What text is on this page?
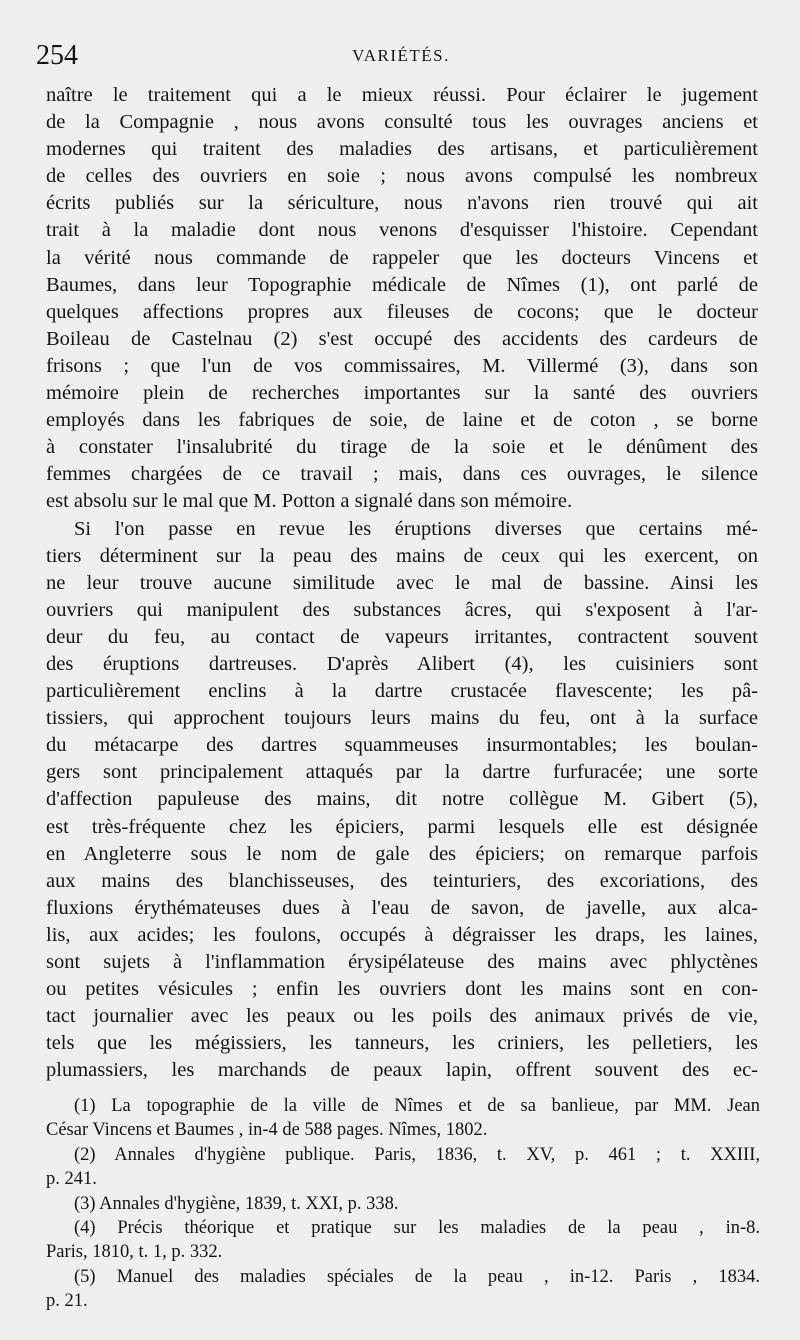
254	VARIÉTÉS.
naître le traitement qui a le mieux réussi. Pour éclairer le jugement
de la Compagnie , nous avons consulté tous les ouvrages anciens et
modernes qui traitent des maladies des artisans, et particulièrement
de celles des ouvriers en soie ; nous avons compulsé les nombreux
écrits publiés sur la sériculture, nous n'avons rien trouvé qui ait
trait à la maladie dont nous venons d'esquisser l'histoire. Cependant
la vérité nous commande de rappeler que les docteurs Vincens et
Baumes, dans leur Topographie médicale de Nîmes (1), ont parlé de
quelques affections propres aux fileuses de cocons; que le docteur
Boileau de Castelnau (2) s'est occupé des accidents des cardeurs de
frisons ; que l'un de vos commissaires, M. Villermé (3), dans son
mémoire plein de recherches importantes sur la santé des ouvriers
employés dans les fabriques de soie, de laine et de coton , se borne
à constater l'insalubrité du tirage de la soie et le dénûment des
femmes chargées de ce travail ; mais, dans ces ouvrages, le silence
est absolu sur le mal que M. Potton a signalé dans son mémoire.
Si l'on passe en revue les éruptions diverses que certains mé-
tiers déterminent sur la peau des mains de ceux qui les exercent, on
ne leur trouve aucune similitude avec le mal de bassine. Ainsi les
ouvriers qui manipulent des substances âcres, qui s'exposent à l'ar-
deur du feu, au contact de vapeurs irritantes, contractent souvent
des éruptions dartreuses. D'après Alibert (4), les cuisiniers sont
particulièrement enclins à la dartre crustacée flavescente; les pâ-
tissiers, qui approchent toujours leurs mains du feu, ont à la surface
du métacarpe des dartres squammeuses insurmontables; les boulan-
gers sont principalement attaqués par la dartre furfuracée; une sorte
d'affection papuleuse des mains, dit notre collègue M. Gibert (5),
est très-fréquente chez les épiciers, parmi lesquels elle est désignée
en Angleterre sous le nom de gale des épiciers; on remarque parfois
aux mains des blanchisseuses, des teinturiers, des excoriations, des
fluxions érythémateuses dues à l'eau de savon, de javelle, aux alca-
lis, aux acides; les foulons, occupés à dégraisser les draps, les laines,
sont sujets à l'inflammation érysipélateuse des mains avec phlyctènes
ou petites vésicules ; enfin les ouvriers dont les mains sont en con-
tact journalier avec les peaux ou les poils des animaux privés de vie,
tels que les mégissiers, les tanneurs, les criniers, les pelletiers, les
plumassiers, les marchands de peaux lapin, offrent souvent des ec-
(1) La topographie de la ville de Nîmes et de sa banlieue, par MM. Jean
César Vincens et Baumes , in-4 de 588 pages. Nîmes, 1802.
(2) Annales d'hygiène publique. Paris, 1836, t. XV, p. 461 ; t. XXIII,
p. 241.
(3) Annales d'hygiène, 1839, t. XXI, p. 338.
(4) Précis théorique et pratique sur les maladies de la peau , in-8.
Paris, 1810, t. 1, p. 332.
(5) Manuel des maladies spéciales de la peau , in-12. Paris , 1834.
p. 21.
